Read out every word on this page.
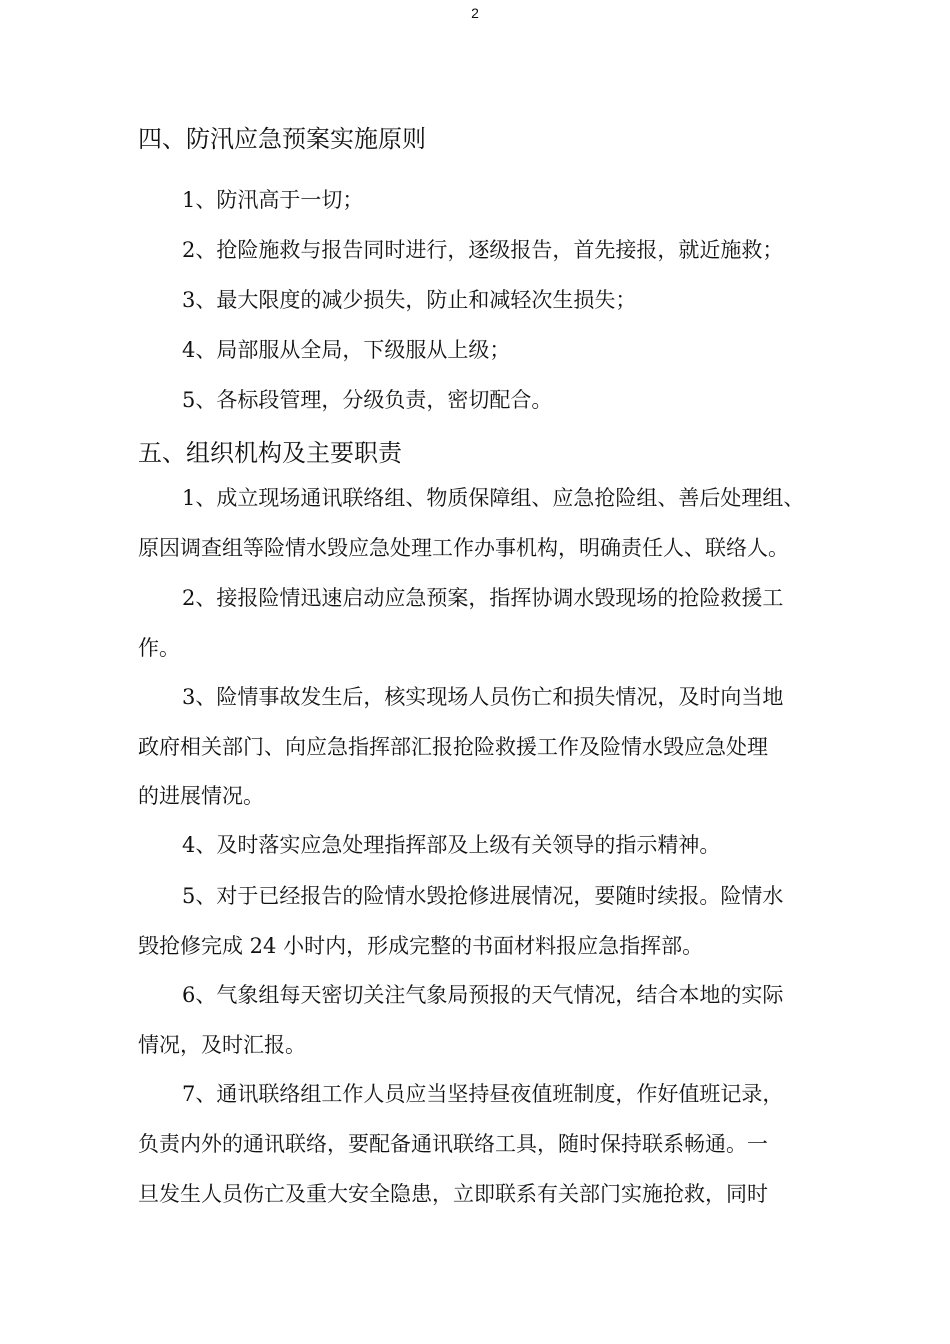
2
四、防汛应急预案实施原则
1、防汛高于一切；
2、抢险施救与报告同时进行，逐级报告，首先接报，就近施救；
3、最大限度的减少损失，防止和减轻次生损失；
4、局部服从全局，下级服从上级；
5、各标段管理，分级负责，密切配合。
五、组织机构及主要职责
1、成立现场通讯联络组、物质保障组、应急抢险组、善后处理组、
原因调查组等险情水毁应急处理工作办事机构，明确责任人、联络人。
2、接报险情迅速启动应急预案，指挥协调水毁现场的抢险救援工
作。
3、险情事故发生后，核实现场人员伤亡和损失情况，及时向当地
政府相关部门、向应急指挥部汇报抢险救援工作及险情水毁应急处理
的进展情况。
4、及时落实应急处理指挥部及上级有关领导的指示精神。
5、对于已经报告的险情水毁抢修进展情况，要随时续报。险情水
毁抢修完成 24 小时内，形成完整的书面材料报应急指挥部。
6、气象组每天密切关注气象局预报的天气情况，结合本地的实际
情况，及时汇报。
7、通讯联络组工作人员应当坚持昼夜值班制度，作好值班记录，
负责内外的通讯联络，要配备通讯联络工具，随时保持联系畅通。一
旦发生人员伤亡及重大安全隐患，立即联系有关部门实施抢救，同时
